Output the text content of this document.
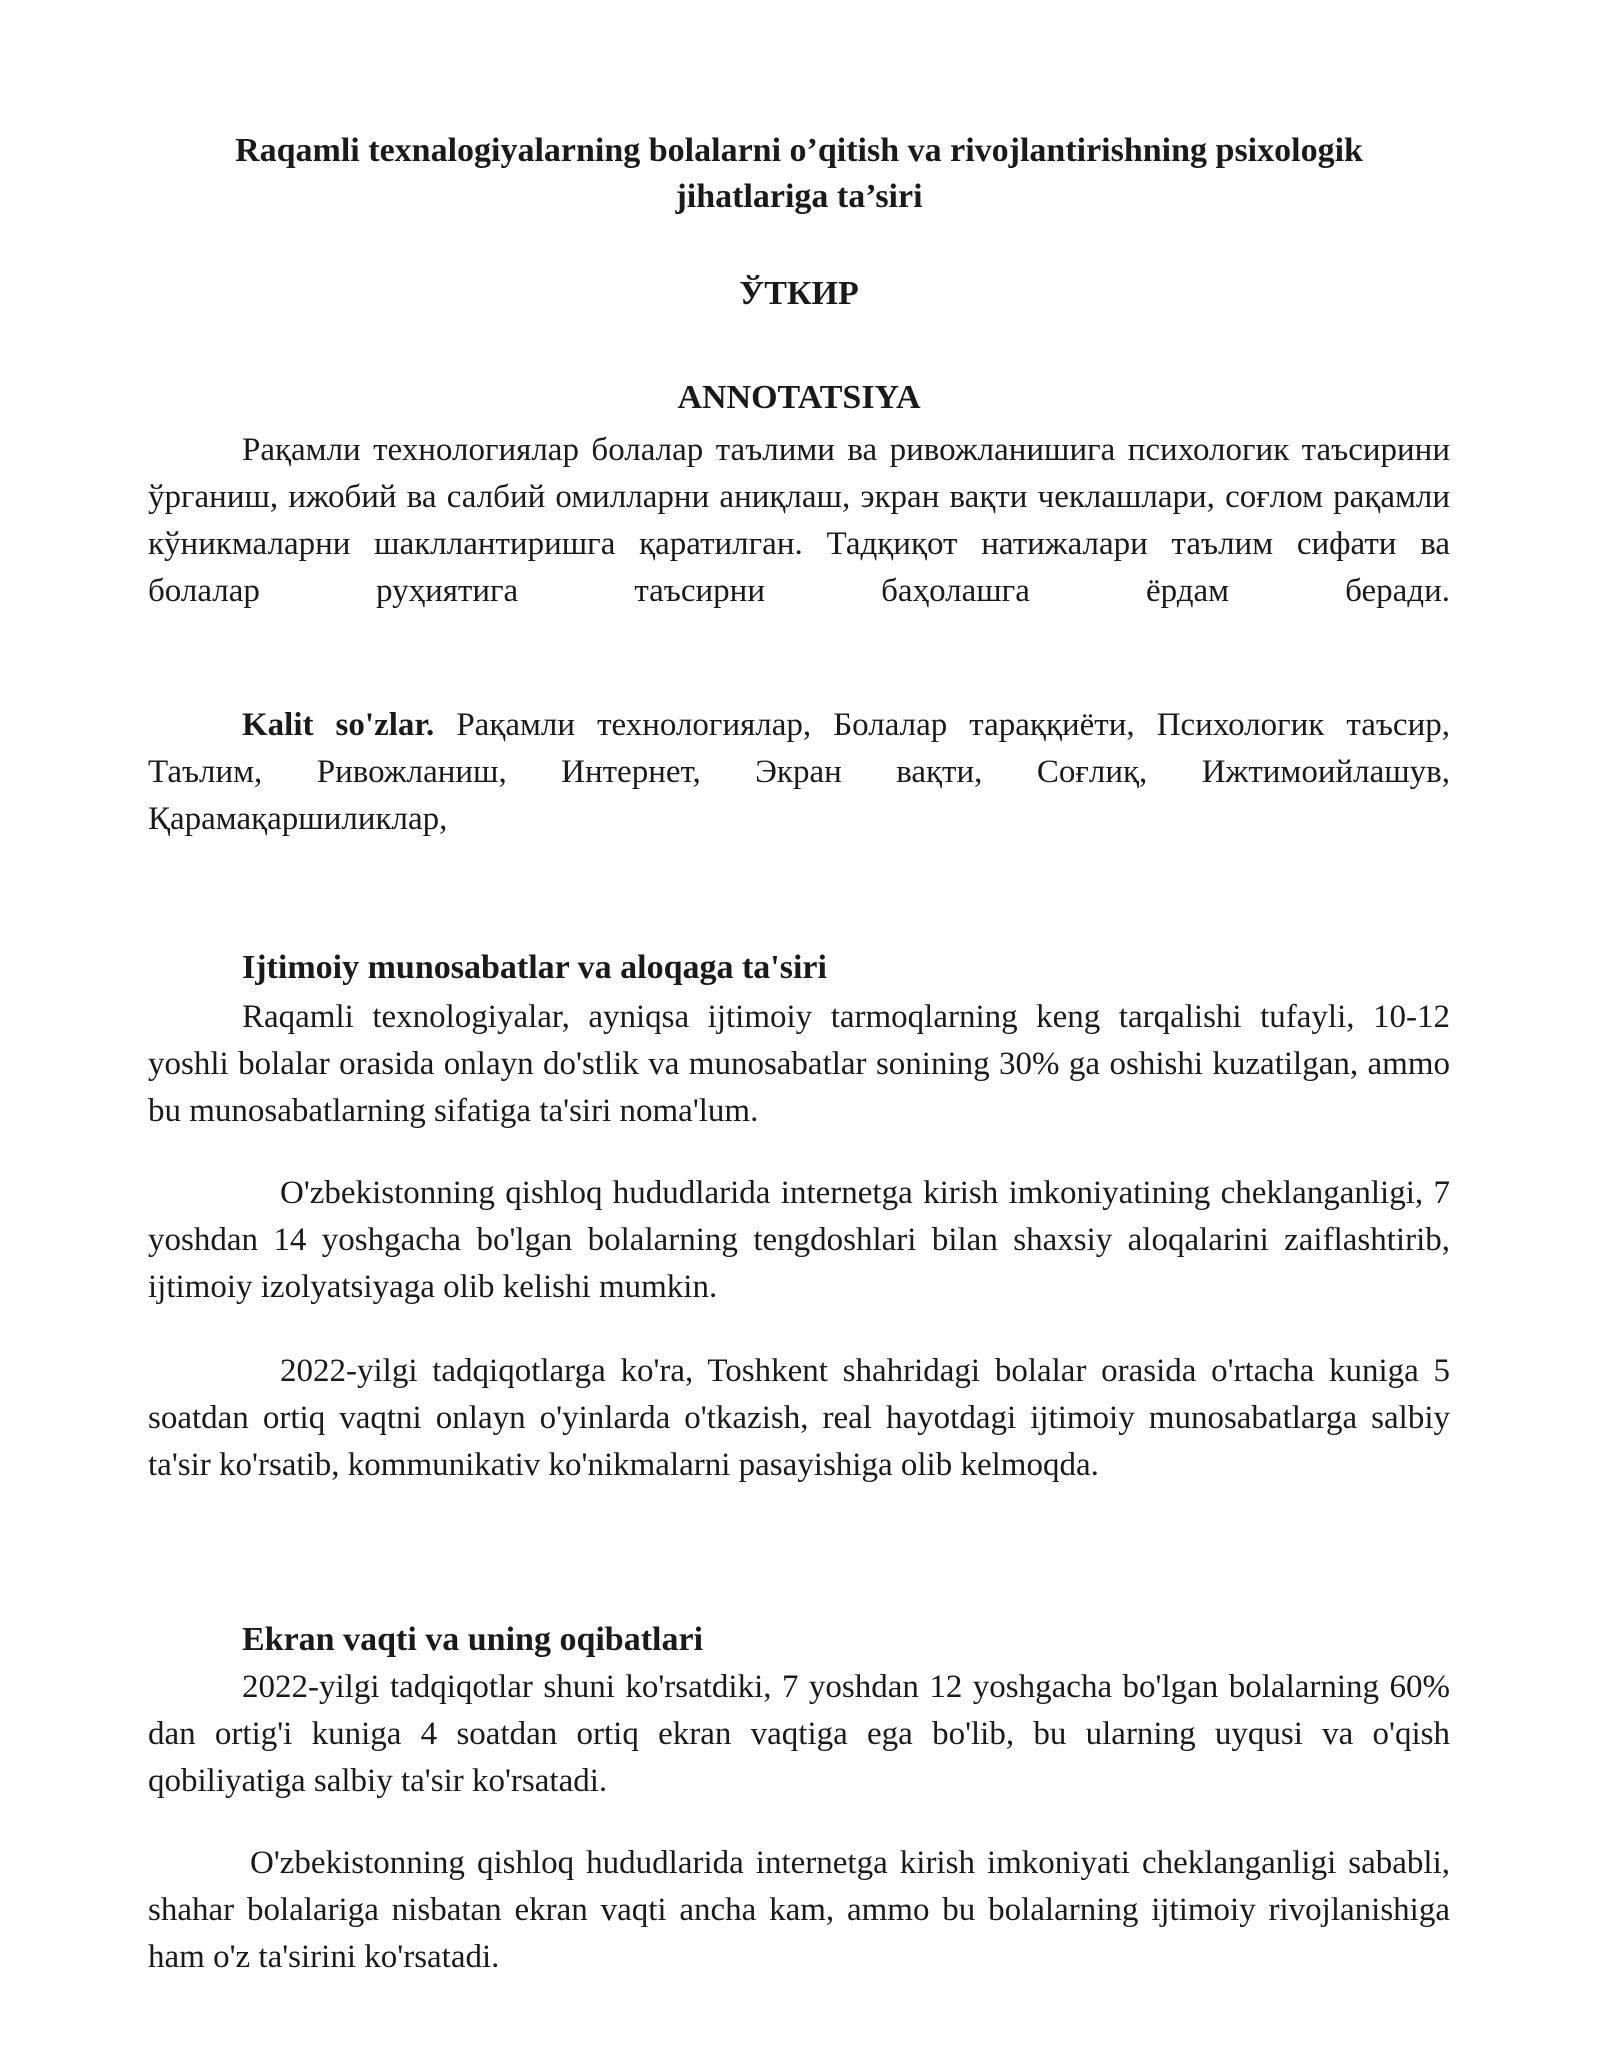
Raqamli texnalogiyalarning bolalarni o’qitish va rivojlantirishning psixologik
jihatlariga ta’siri
ЎТКИР
ANNOTATSIYA

Рақамли технологиялар болалар таълими ва ривожланишига психологик таъсирини ўрганиш, ижобий ва салбий омилларни аниқлаш, экран вақти чеклашлари, соғлом рақамли кўникмаларни шакллантиришга қаратилган. Тадқиқот натижалари таълим сифати ва болалар руҳиятига таъсирни баҳолашга ёрдам беради.

Kalit so'zlar. Рақамли технологиялар, Болалар тараққиёти, Психологик таъсир, Таълим, Ривожланиш, Интернет, Экран вақти, Соғлиқ, Ижтимоийлашув, Қарамақаршиликлар,

Ijtimoiy munosabatlar va aloqaga ta'siri

Raqamli texnologiyalar, ayniqsa ijtimoiy tarmoqlarning keng tarqalishi tufayli, 10-12 yoshli bolalar orasida onlayn do'stlik va munosabatlar sonining 30% ga oshishi kuzatilgan, ammo bu munosabatlarning sifatiga ta'siri noma'lum.

O'zbekistonning qishloq hududlarida internetga kirish imkoniyatining cheklanganligi, 7 yoshdan 14 yoshgacha bo'lgan bolalarning tengdoshlari bilan shaxsiy aloqalarini zaiflashtirib, ijtimoiy izolyatsiyaga olib kelishi mumkin.

2022-yilgi tadqiqotlarga ko'ra, Toshkent shahridagi bolalar orasida o'rtacha kuniga 5 soatdan ortiq vaqtni onlayn o'yinlarda o'tkazish, real hayotdagi ijtimoiy munosabatlarga salbiy ta'sir ko'rsatib, kommunikativ ko'nikmalarni pasayishiga olib kelmoqda.

Ekran vaqti va uning oqibatlari

2022-yilgi tadqiqotlar shuni ko'rsatdiki, 7 yoshdan 12 yoshgacha bo'lgan bolalarning 60% dan ortig'i kuniga 4 soatdan ortiq ekran vaqtiga ega bo'lib, bu ularning uyqusi va o'qish qobiliyatiga salbiy ta'sir ko'rsatadi.

O'zbekistonning qishloq hududlarida internetga kirish imkoniyati cheklanganligi sababli, shahar bolalariga nisbatan ekran vaqti ancha kam, ammo bu bolalarning ijtimoiy rivojlanishiga ham o'z ta'sirini ko'rsatadi.
